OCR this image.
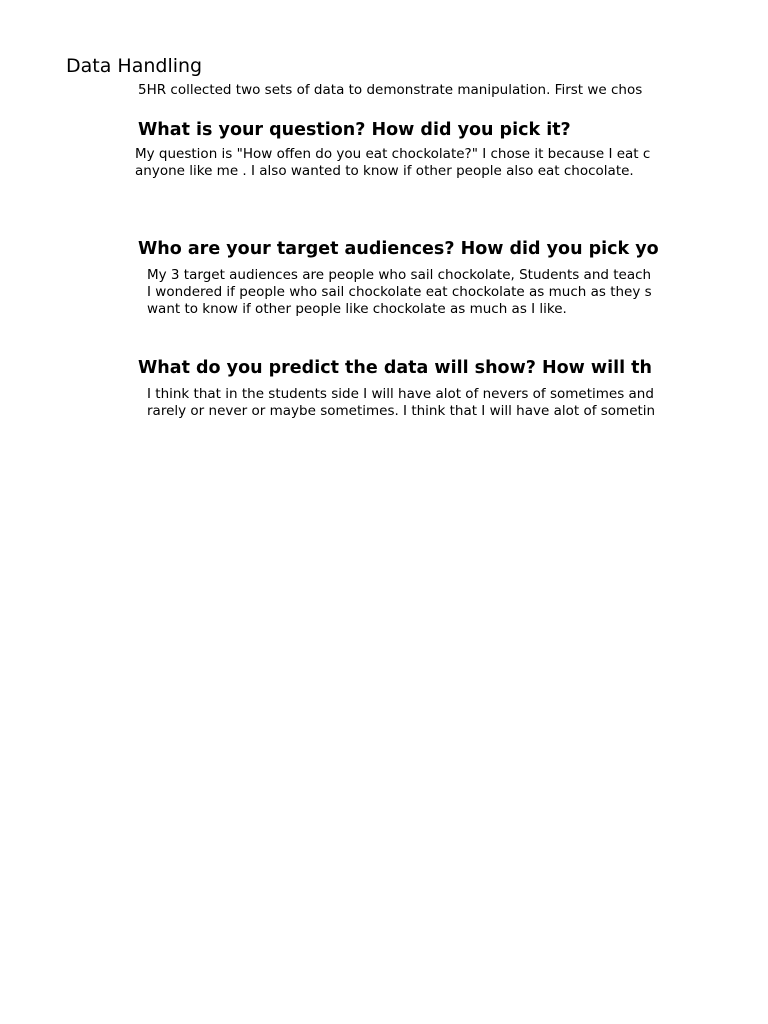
Data Handling
5HR collected two sets of data to demonstrate manipulation. First we chos
What is your question? How did you pick it?
My question is "How offen do you eat chockolate?" I chose it because I eat c
anyone like me . I also wanted to know if other people also eat chocolate.
Who are your target audiences? How did you pick yo
My 3 target audiences are people who sail chockolate, Students and teach
I wondered if people who sail chockolate eat chockolate as much as they s
want to know if other people like chockolate as much as I like.
What do you predict the data will show? How will th
I think that in the students side I will have alot of nevers of sometimes and
rarely or never or maybe sometimes. I think that I will have alot of sometin
